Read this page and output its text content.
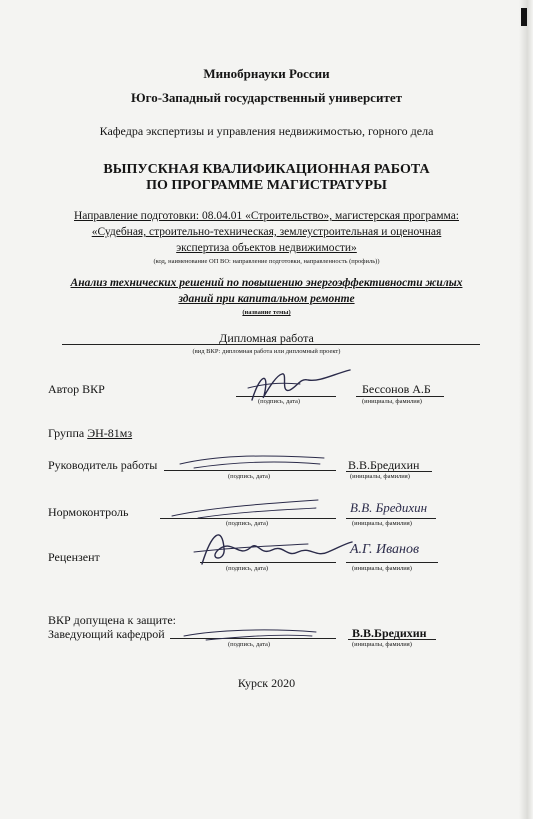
Минобрнауки России
Юго-Западный государственный университет
Кафедра экспертизы и управления недвижимостью, горного дела
ВЫПУСКНАЯ КВАЛИФИКАЦИОННАЯ РАБОТА
ПО ПРОГРАММЕ МАГИСТРАТУРЫ
Направление подготовки: 08.04.01 «Строительство», магистерская программа:
«Судебная, строительно-техническая, землеустроительная и оценочная
экспертиза объектов недвижимости»
(код, наименование ОП ВО: направление подготовки, направленность (профиль))
Анализ технических решений по повышению энергоэффективности жилых
зданий при капитальном ремонте
(название темы)
Дипломная работа
(вид ВКР: дипломная работа или дипломный проект)
Автор ВКР
(подпись, дата)
Бессонов А.Б
(инициалы, фамилия)
Группа ЭН-81мз
Руководитель работы
(подпись, дата)
В.В.Бредихин
(инициалы, фамилия)
Нормоконтроль
(подпись, дата)
В.В. Бредихин
(инициалы, фамилия)
Рецензент
(подпись, дата)
А.Г. Иванов
(инициалы, фамилия)
ВКР допущена к защите:
Заведующий кафедрой
(подпись, дата)
В.В.Бредихин
(инициалы, фамилия)
Курск 2020
